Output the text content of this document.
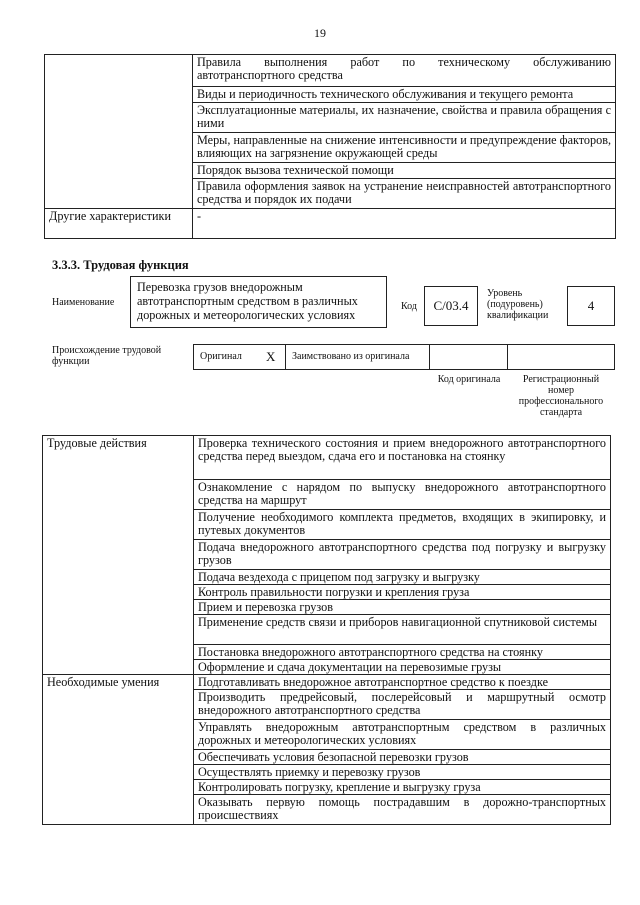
19
	Правила выполнения работ по техническому обслуживанию автотранспортного средства
	Виды и периодичность технического обслуживания и текущего ремонта
	Эксплуатационные материалы, их назначение, свойства и правила обращения с ними
	Меры, направленные на снижение интенсивности и предупреждение факторов, влияющих на загрязнение окружающей среды
	Порядок вызова технической помощи
	Правила оформления заявок на устранение неисправностей автотранспортного средства и порядок их подачи
Другие характеристики	-
3.3.3. Трудовая функция
Наименование
Перевозка грузов внедорожным автотранспортным средством в различных дорожных и метеорологических условиях
Код	C/03.4
Уровень (подуровень) квалификации
4
Происхождение трудовой функции	Оригинал X Заимствовано из оригинала
Код оригинала	Регистрационный номер профессионального стандарта
Трудовые действия	Проверка технического состояния и прием внедорожного автотранспортного средства перед выездом, сдача его и постановка на стоянку
	Ознакомление с нарядом по выпуску внедорожного автотранспортного средства на маршрут
	Получение необходимого комплекта предметов, входящих в экипировку, и путевых документов
	Подача внедорожного автотранспортного средства под погрузку и выгрузку грузов
	Подача вездехода с прицепом под загрузку и выгрузку
	Контроль правильности погрузки и крепления груза
	Прием и перевозка грузов
	Применение средств связи и приборов навигационной спутниковой системы
	Постановка внедорожного автотранспортного средства на стоянку
	Оформление и сдача документации на перевозимые грузы
Необходимые умения	Подготавливать внедорожное автотранспортное средство к поездке
	Производить предрейсовый, послерейсовый и маршрутный осмотр внедорожного автотранспортного средства
	Управлять внедорожным автотранспортным средством в различных дорожных и метеорологических условиях
	Обеспечивать условия безопасной перевозки грузов
	Осуществлять приемку и перевозку грузов
	Контролировать погрузку, крепление и выгрузку груза
	Оказывать первую помощь пострадавшим в дорожно-транспортных происшествиях
